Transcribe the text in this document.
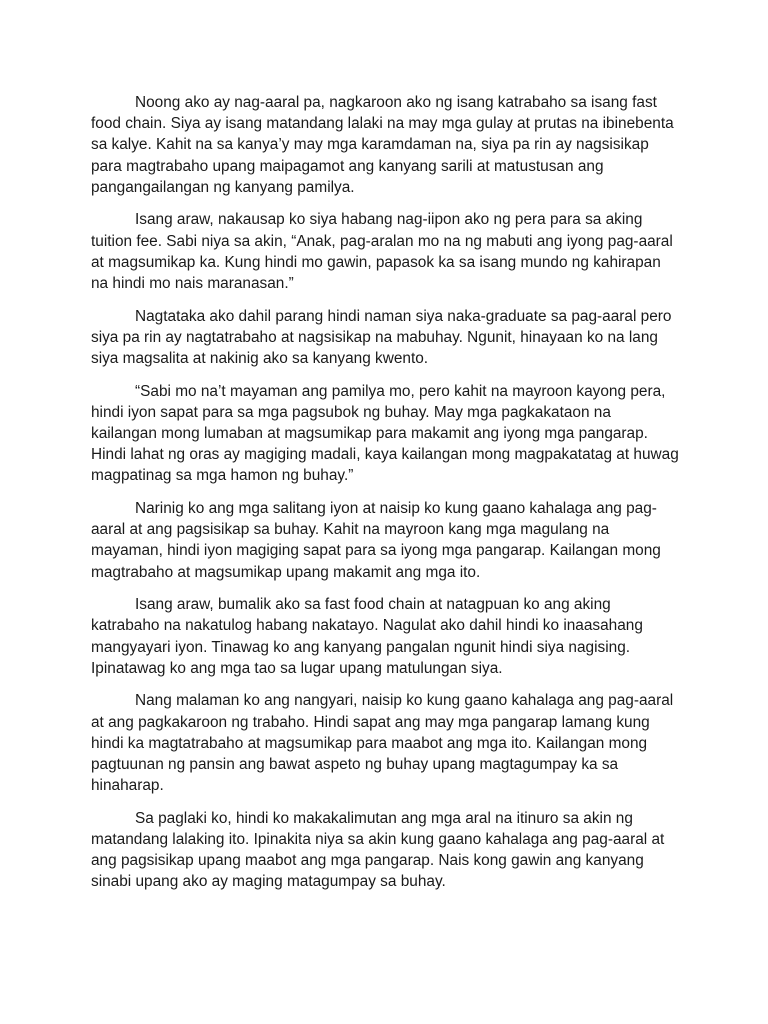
Noong ako ay nag-aaral pa, nagkaroon ako ng isang katrabaho sa isang fast food chain. Siya ay isang matandang lalaki na may mga gulay at prutas na ibinebenta sa kalye. Kahit na sa kanya’y may mga karamdaman na, siya pa rin ay nagsisikap para magtrabaho upang maipagamot ang kanyang sarili at matustusan ang pangangailangan ng kanyang pamilya.

Isang araw, nakausap ko siya habang nag-iipon ako ng pera para sa aking tuition fee. Sabi niya sa akin, “Anak, pag-aralan mo na ng mabuti ang iyong pag-aaral at magsumikap ka. Kung hindi mo gawin, papasok ka sa isang mundo ng kahirapan na hindi mo nais maranasan.”

Nagtataka ako dahil parang hindi naman siya naka-graduate sa pag-aaral pero siya pa rin ay nagtatrabaho at nagsisikap na mabuhay. Ngunit, hinayaan ko na lang siya magsalita at nakinig ako sa kanyang kwento.

“Sabi mo na’t mayaman ang pamilya mo, pero kahit na mayroon kayong pera, hindi iyon sapat para sa mga pagsubok ng buhay. May mga pagkakataon na kailangan mong lumaban at magsumikap para makamit ang iyong mga pangarap. Hindi lahat ng oras ay magiging madali, kaya kailangan mong magpakatatag at huwag magpatinag sa mga hamon ng buhay.”

Narinig ko ang mga salitang iyon at naisip ko kung gaano kahalaga ang pag-aaral at ang pagsisikap sa buhay. Kahit na mayroon kang mga magulang na mayaman, hindi iyon magiging sapat para sa iyong mga pangarap. Kailangan mong magtrabaho at magsumikap upang makamit ang mga ito.

Isang araw, bumalik ako sa fast food chain at natagpuan ko ang aking katrabaho na nakatulog habang nakatayo. Nagulat ako dahil hindi ko inaasahang mangyayari iyon. Tinawag ko ang kanyang pangalan ngunit hindi siya nagising. Ipinatawag ko ang mga tao sa lugar upang matulungan siya.

Nang malaman ko ang nangyari, naisip ko kung gaano kahalaga ang pag-aaral at ang pagkakaroon ng trabaho. Hindi sapat ang may mga pangarap lamang kung hindi ka magtatrabaho at magsumikap para maabot ang mga ito. Kailangan mong pagtuunan ng pansin ang bawat aspeto ng buhay upang magtagumpay ka sa hinaharap.

Sa paglaki ko, hindi ko makakalimutan ang mga aral na itinuro sa akin ng matandang lalaking ito. Ipinakita niya sa akin kung gaano kahalaga ang pag-aaral at ang pagsisikap upang maabot ang mga pangarap. Nais kong gawin ang kanyang sinabi upang ako ay maging matagumpay sa buhay.
